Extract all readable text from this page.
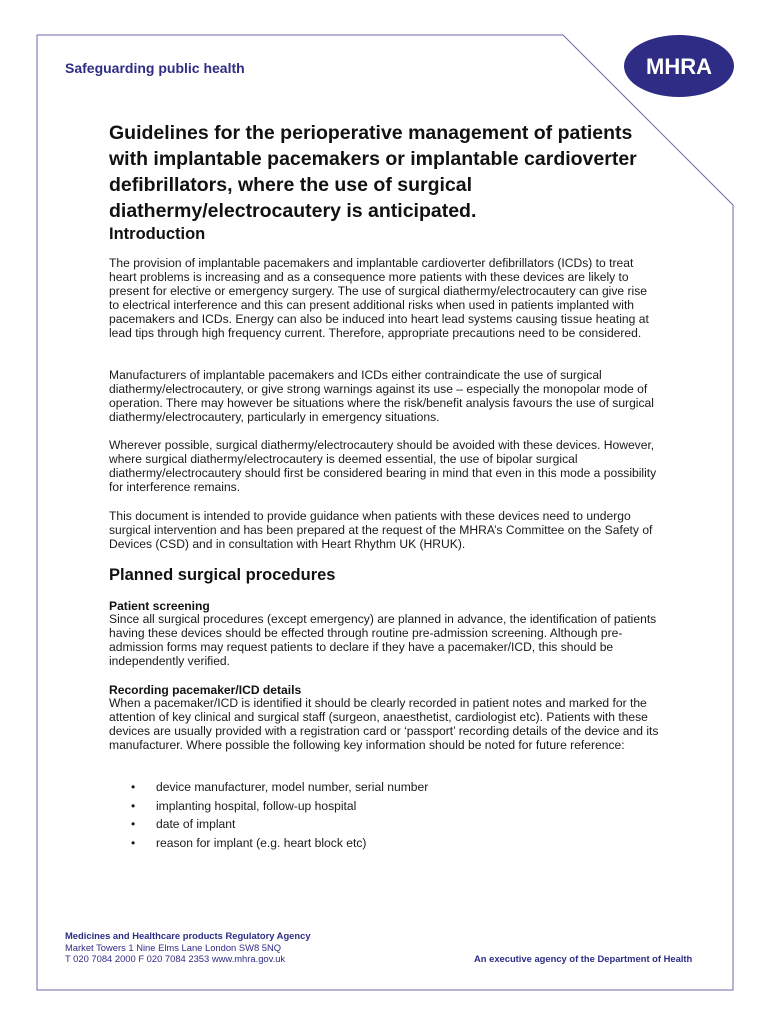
Safeguarding public health	MHRA
Guidelines for the perioperative management of patients with implantable pacemakers or implantable cardioverter defibrillators, where the use of surgical diathermy/electrocautery is anticipated.
Introduction

The provision of implantable pacemakers and implantable cardioverter defibrillators (ICDs) to treat heart problems is increasing and as a consequence more patients with these devices are likely to present for elective or emergency surgery. The use of surgical diathermy/electrocautery can give rise to electrical interference and this can present additional risks when used in patients implanted with pacemakers and ICDs. Energy can also be induced into heart lead systems causing tissue heating at lead tips through high frequency current. Therefore, appropriate precautions need to be considered.

Manufacturers of implantable pacemakers and ICDs either contraindicate the use of surgical diathermy/electrocautery, or give strong warnings against its use – especially the monopolar mode of operation. There may however be situations where the risk/benefit analysis favours the use of surgical diathermy/electrocautery, particularly in emergency situations.

Wherever possible, surgical diathermy/electrocautery should be avoided with these devices. However, where surgical diathermy/electrocautery is deemed essential, the use of bipolar surgical diathermy/electrocautery should first be considered bearing in mind that even in this mode a possibility for interference remains.

This document is intended to provide guidance when patients with these devices need to undergo surgical intervention and has been prepared at the request of the MHRA’s Committee on the Safety of Devices (CSD) and in consultation with Heart Rhythm UK (HRUK).

Planned surgical procedures
Patient screening

Since all surgical procedures (except emergency) are planned in advance, the identification of patients having these devices should be effected through routine pre-admission screening. Although pre-admission forms may request patients to declare if they have a pacemaker/ICD, this should be independently verified.

Recording pacemaker/ICD details

When a pacemaker/ICD is identified it should be clearly recorded in patient notes and marked for the attention of key clinical and surgical staff (surgeon, anaesthetist, cardiologist etc). Patients with these devices are usually provided with a registration card or ‘passport’ recording details of the device and its manufacturer. Where possible the following key information should be noted for future reference:

• device manufacturer, model number, serial number
• implanting hospital, follow-up hospital
• date of implant
• reason for implant (e.g. heart block etc)
Medicines and Healthcare products Regulatory Agency
Market Towers 1 Nine Elms Lane London SW8 5NQ
T 020 7084 2000 F 020 7084 2353 www.mhra.gov.uk	An executive agency of the Department of Health
